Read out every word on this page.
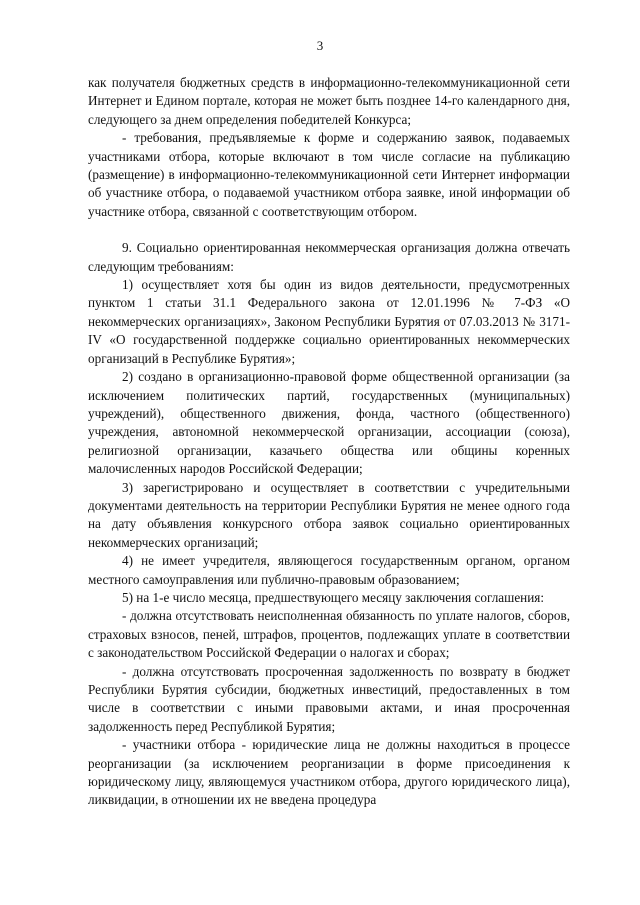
3

как получателя бюджетных средств в информационно-телекоммуникационной сети Интернет и Едином портале, которая не может быть позднее 14-го календарного дня, следующего за днем определения победителей Конкурса;

- требования, предъявляемые к форме и содержанию заявок, подаваемых участниками отбора, которые включают в том числе согласие на публикацию (размещение) в информационно-телекоммуникационной сети Интернет информации об участнике отбора, о подаваемой участником отбора заявке, иной информации об участнике отбора, связанной с соответствующим отбором.

9. Социально ориентированная некоммерческая организация должна отвечать следующим требованиям:

1) осуществляет хотя бы один из видов деятельности, предусмотренных пунктом 1 статьи 31.1 Федерального закона от 12.01.1996 № 7-ФЗ «О некоммерческих организациях», Законом Республики Бурятия от 07.03.2013 № 3171-IV «О государственной поддержке социально ориентированных некоммерческих организаций в Республике Бурятия»;

2) создано в организационно-правовой форме общественной организации (за исключением политических партий, государственных (муниципальных) учреждений), общественного движения, фонда, частного (общественного) учреждения, автономной некоммерческой организации, ассоциации (союза), религиозной организации, казачьего общества или общины коренных малочисленных народов Российской Федерации;

3) зарегистрировано и осуществляет в соответствии с учредительными документами деятельность на территории Республики Бурятия не менее одного года на дату объявления конкурсного отбора заявок социально ориентированных некоммерческих организаций;

4) не имеет учредителя, являющегося государственным органом, органом местного самоуправления или публично-правовым образованием;

5) на 1-е число месяца, предшествующего месяцу заключения соглашения:

- должна отсутствовать неисполненная обязанность по уплате налогов, сборов, страховых взносов, пеней, штрафов, процентов, подлежащих уплате в соответствии с законодательством Российской Федерации о налогах и сборах;

- должна отсутствовать просроченная задолженность по возврату в бюджет Республики Бурятия субсидии, бюджетных инвестиций, предоставленных в том числе в соответствии с иными правовыми актами, и иная просроченная задолженность перед Республикой Бурятия;

- участники отбора - юридические лица не должны находиться в процессе реорганизации (за исключением реорганизации в форме присоединения к юридическому лицу, являющемуся участником отбора, другого юридического лица), ликвидации, в отношении их не введена процедура
